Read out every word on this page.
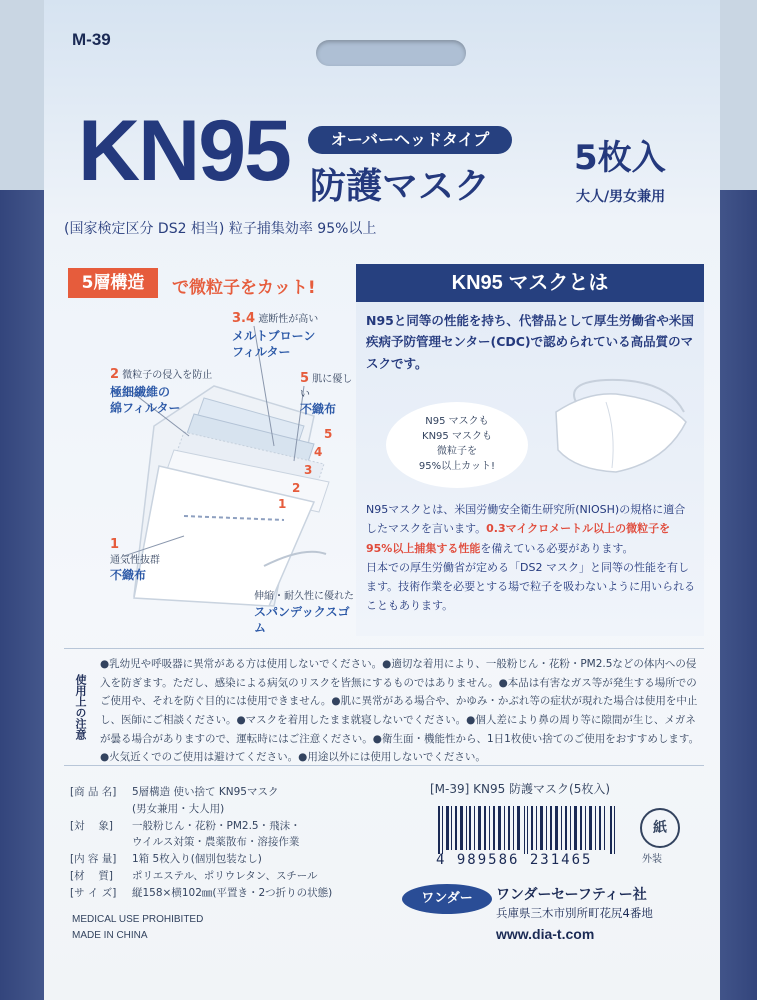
M-39
KN95	オーバーヘッドタイプ
防護マスク
5枚入
大人/男女兼用
(国家検定区分 DS2 相当) 粒子捕集効率 95%以上
5層構造	で微粒子をカット!
5
4
3
2
1
3.4 遮断性が高い
メルトブローン
フィルター
2 微粒子の侵入を防止
極細繊維の
綿フィルター
5 肌に優しい
不織布
1
通気性抜群
不織布
伸縮・耐久性に優れた
スパンデックスゴム
KN95 マスクとは
N95と同等の性能を持ち、代替品として厚生労働省や米国疾病予防管理センター(CDC)で認められている高品質のマスクです。
N95 マスクも
KN95 マスクも
微粒子を
95%以上カット!
N95マスクとは、米国労働安全衛生研究所(NIOSH)の規格に適合したマスクを言います。0.3マイクロメートル以上の微粒子を95%以上捕集する性能を備えている必要があります。
日本での厚生労働省が定める「DS2 マスク」と同等の性能を有します。技術作業を必要とする場で粒子を吸わないように用いられることもあります。
使用上の注意
●乳幼児や呼吸器に異常がある方は使用しないでください。●適切な着用により、一般粉じん・花粉・PM2.5などの体内への侵入を防ぎます。ただし、感染による病気のリスクを皆無にするものではありません。●本品は有害なガス等が発生する場所でのご使用や、それを防ぐ目的には使用できません。●肌に異常がある場合や、かゆみ・かぶれ等の症状が現れた場合は使用を中止し、医師にご相談ください。●マスクを着用したまま就寝しないでください。●個人差により鼻の周り等に隙間が生じ、メガネが曇る場合がありますので、運転時にはご注意ください。●衛生面・機能性から、1日1枚使い捨てのご使用をおすすめします。●火気近くでのご使用は避けてください。●用途以外には使用しないでください。
[商 品 名]	5層構造 使い捨て KN95マスク
(男女兼用・大人用)
[対　 象]	一般粉じん・花粉・PM2.5・飛沫・
ウイルス対策・農薬散布・溶接作業
[内 容 量]	1箱 5枚入り(個別包装なし)
[材　 質]	ポリエステル、ポリウレタン、スチール
[サ イ ズ]	縦158×横102㎜(平置き・2つ折りの状態)
MEDICAL USE PROHIBITED
MADE IN CHINA
[M-39] KN95 防護マスク(5枚入)
紙
外装
4 989586 231465
ワンダー	ワンダーセーフティー社
兵庫県三木市別所町花尻4番地
www.dia-t.com
